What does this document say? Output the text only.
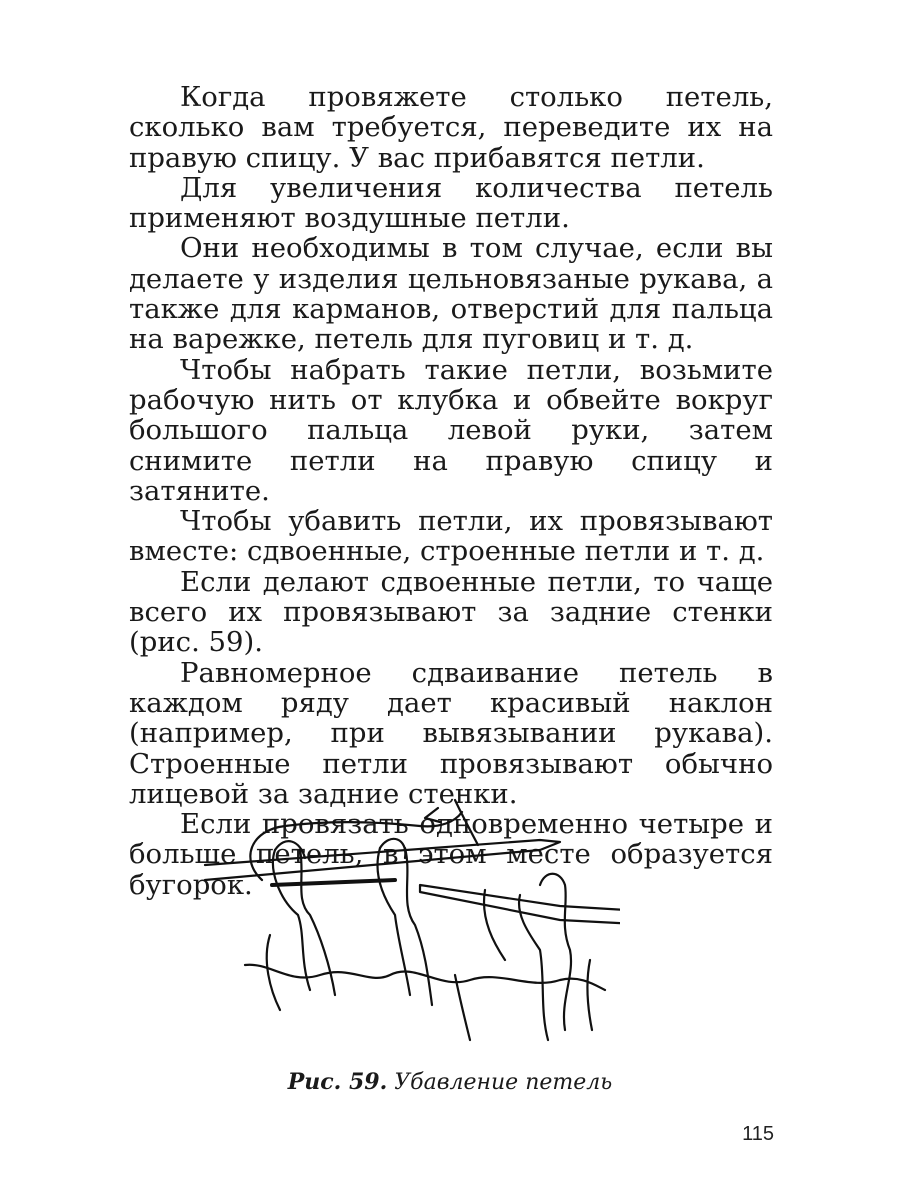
Когда провяжете столько петель, сколько вам требуется, переведите их на правую спицу. У вас прибавятся петли.

Для увеличения количества петель применяют воздушные петли.

Они необходимы в том случае, если вы делаете у изделия цельновязаные рукава, а также для карманов, отверстий для пальца на варежке, петель для пуговиц и т. д.

Чтобы набрать такие петли, возьмите рабочую нить от клубка и обвейте вокруг большого пальца левой руки, затем снимите петли на правую спицу и затяните.

Чтобы убавить петли, их провязывают вместе: сдвоенные, строенные петли и т. д.

Если делают сдвоенные петли, то чаще всего их провязывают за задние стенки (рис. 59).

Равномерное сдваивание петель в каждом ряду дает красивый наклон (например, при вывязывании рукава). Строенные петли провязывают обычно лицевой за задние стенки.

Если провязать одновременно четыре и больше петель, в этом месте образуется бугорок.

Рис. 59. Убавление петель
115
